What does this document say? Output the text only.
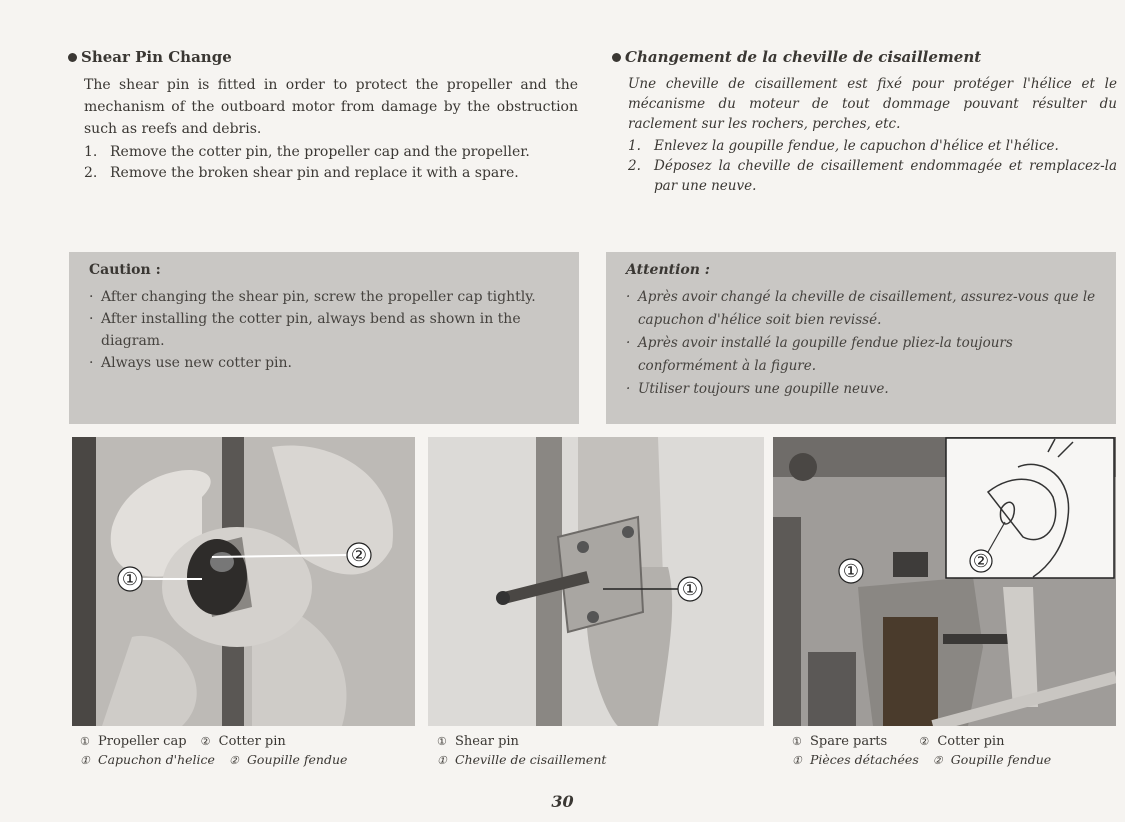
Shear Pin Change

The shear pin is fitted in order to protect the propeller and the mechanism of the outboard motor from damage by the obstruction such as reefs and debris.

1. Remove the cotter pin, the propeller cap and the propeller.
2. Remove the broken shear pin and replace it with a spare.
Changement de la cheville de cisaillement

Une cheville de cisaillement est fixé pour protéger l'hélice et le mécanisme du moteur de tout dommage pouvant résulter du raclement sur les rochers, perches, etc.

1. Enlevez la goupille fendue, le capuchon d'hélice et l'hélice.
2. Déposez la cheville de cisaillement endommagée et remplacez-la par une neuve.
Caution :
· After changing the shear pin, screw the propeller cap tightly.
· After installing the cotter pin, always bend as shown in the diagram.
· Always use new cotter pin.
Attention :
· Après avoir changé la cheville de cisaillement, assurez-vous que le capuchon d'hélice soit bien revissé.
· Après avoir installé la goupille fendue pliez-la toujours conformément à la figure.
· Utiliser toujours une goupille neuve.
①
②
①
①	②
① Propeller cap ② Cotter pin
① Capuchon d'helice ② Goupille fendue
① Shear pin
① Cheville de cisaillement
① Spare parts	② Cotter pin
① Pièces détachées ② Goupille fendue
30
